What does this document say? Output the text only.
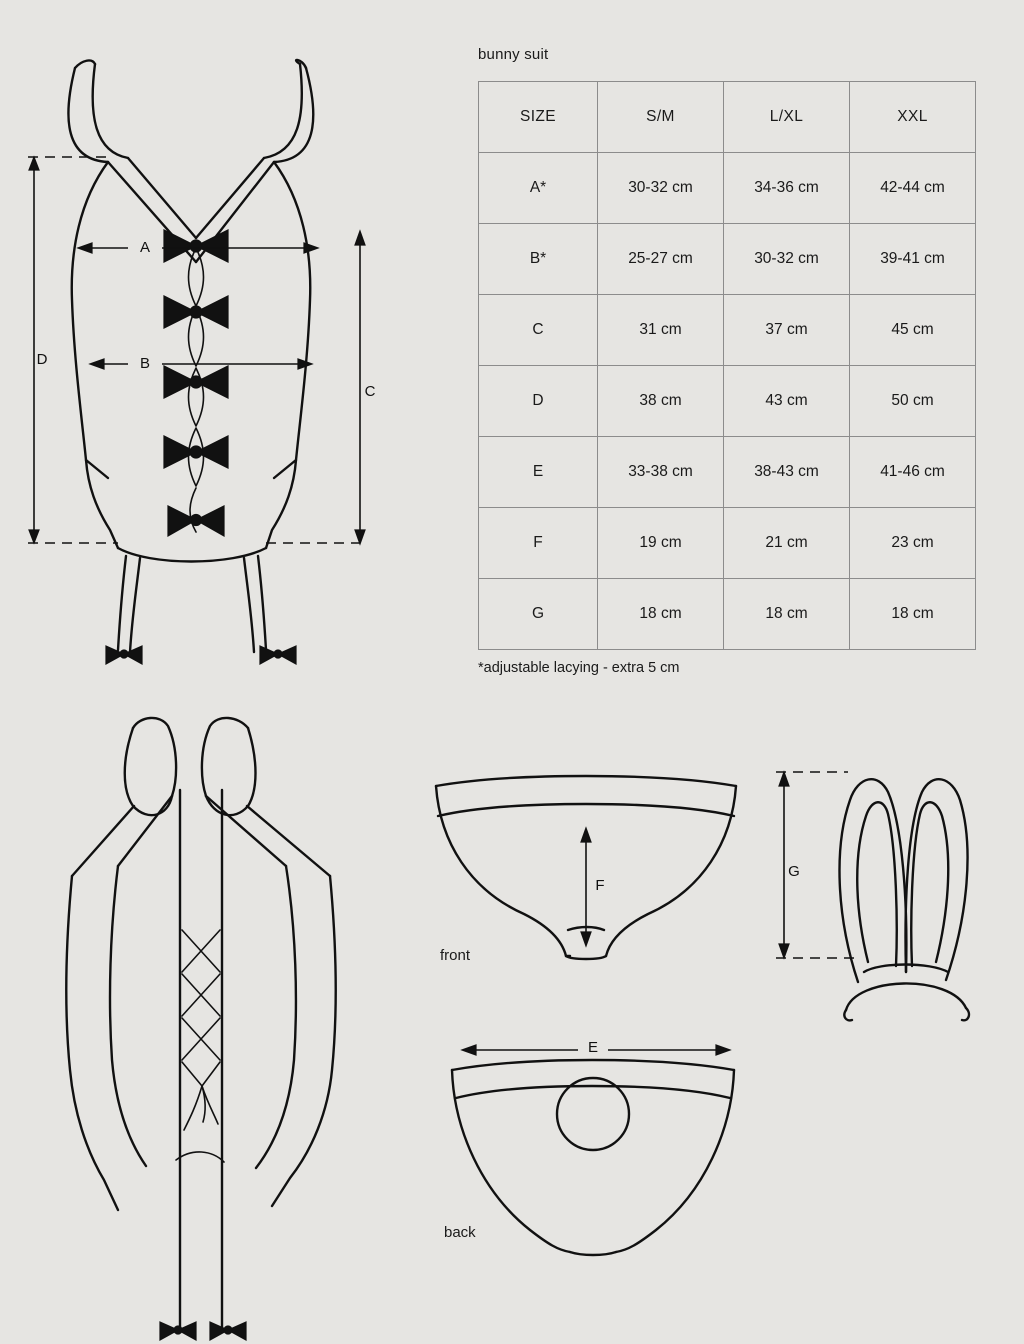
D
C
A
B
F
E
G
bunny suit
SIZE	S/M	L/XL	XXL
A*	30-32 cm	34-36 cm	42-44 cm
B*	25-27 cm	30-32 cm	39-41 cm
C	31 cm	37 cm	45 cm
D	38 cm	43 cm	50 cm
E	33-38 cm	38-43 cm	41-46 cm
F	19 cm	21 cm	23 cm
G	18 cm	18 cm	18 cm
*adjustable lacying - extra 5 cm
front
back
